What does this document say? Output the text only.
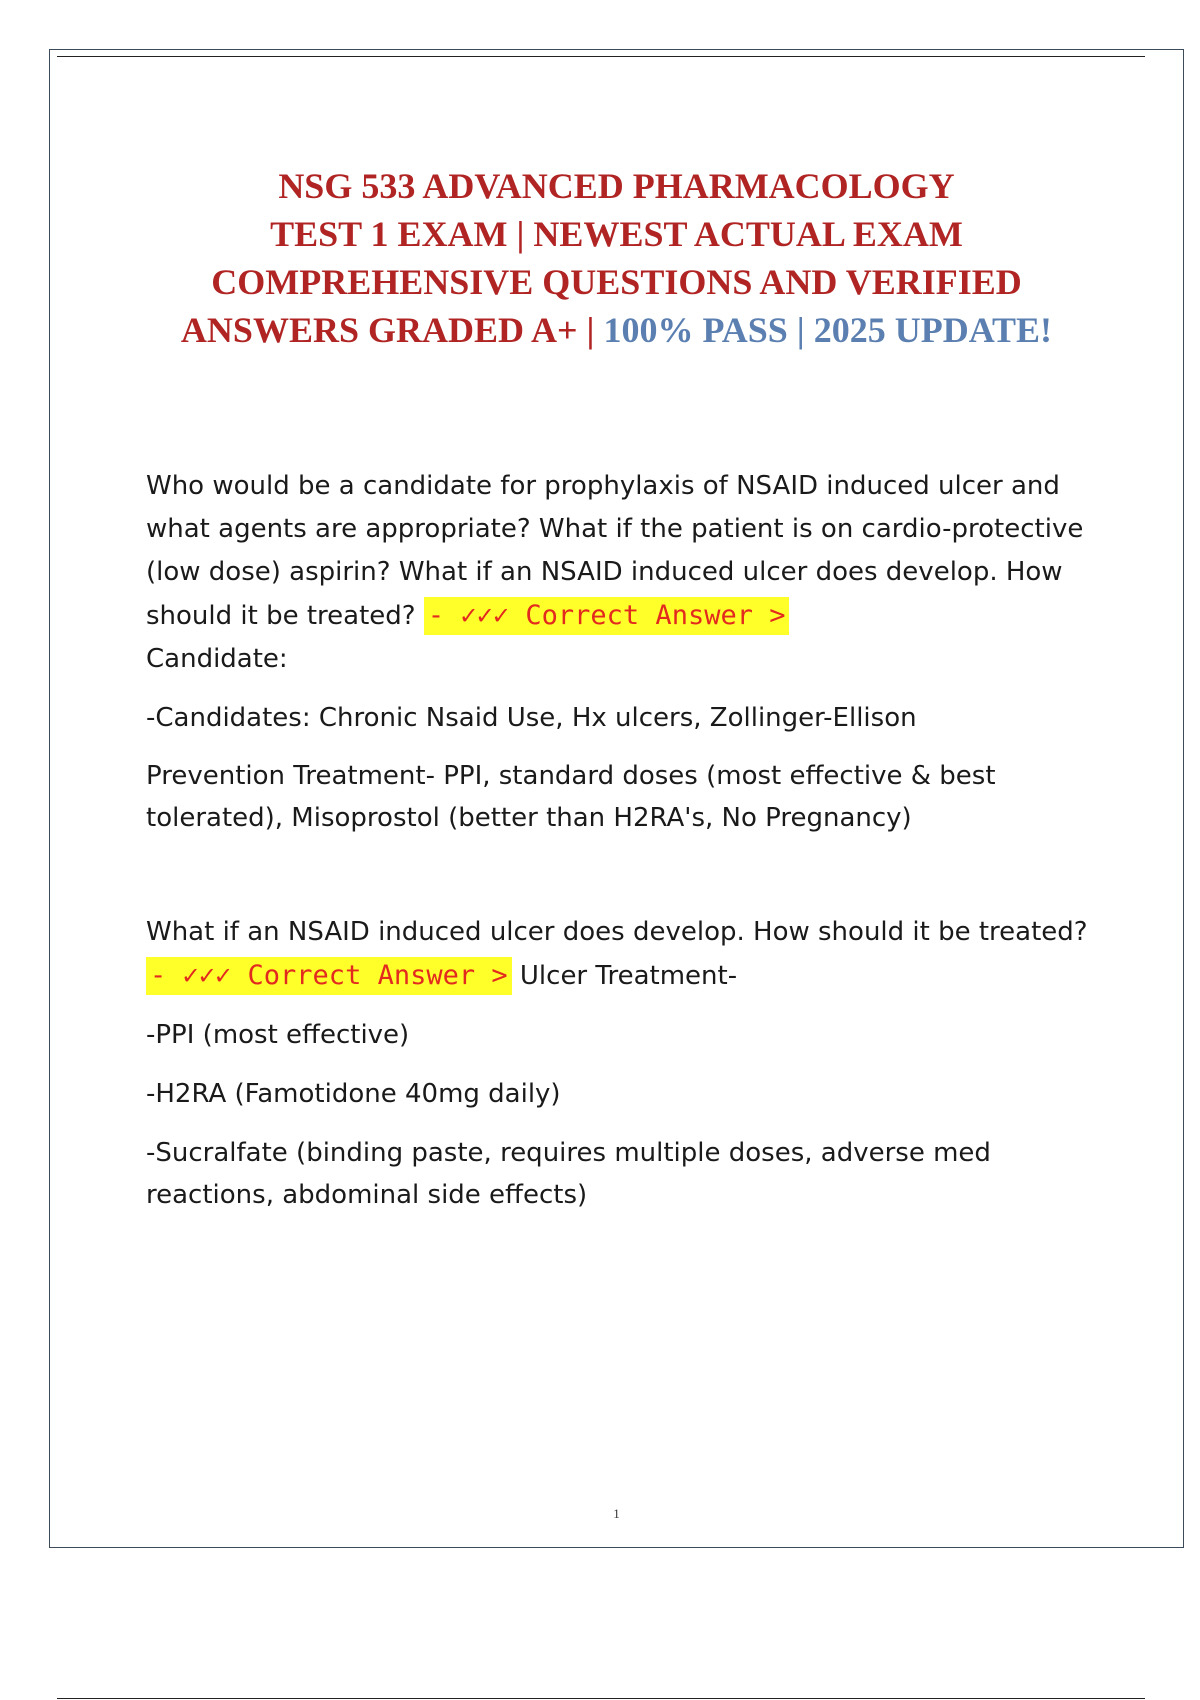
NSG 533 ADVANCED PHARMACOLOGY
TEST 1 EXAM | NEWEST ACTUAL EXAM
COMPREHENSIVE QUESTIONS AND VERIFIED
ANSWERS GRADED A+ | 100% PASS | 2025 UPDATE!

Who would be a candidate for prophylaxis of NSAID induced ulcer and what agents are appropriate? What if the patient is on cardio-protective (low dose) aspirin? What if an NSAID induced ulcer does develop. How should it be treated? - ✓✓✓ Correct Answer >
Candidate:

-Candidates: Chronic Nsaid Use, Hx ulcers, Zollinger-Ellison

Prevention Treatment- PPI, standard doses (most effective & best tolerated), Misoprostol (better than H2RA's, No Pregnancy)

What if an NSAID induced ulcer does develop. How should it be treated? - ✓✓✓ Correct Answer > Ulcer Treatment-

-PPI (most effective)

-H2RA (Famotidone 40mg daily)

-Sucralfate (binding paste, requires multiple doses, adverse med reactions, abdominal side effects)

1
